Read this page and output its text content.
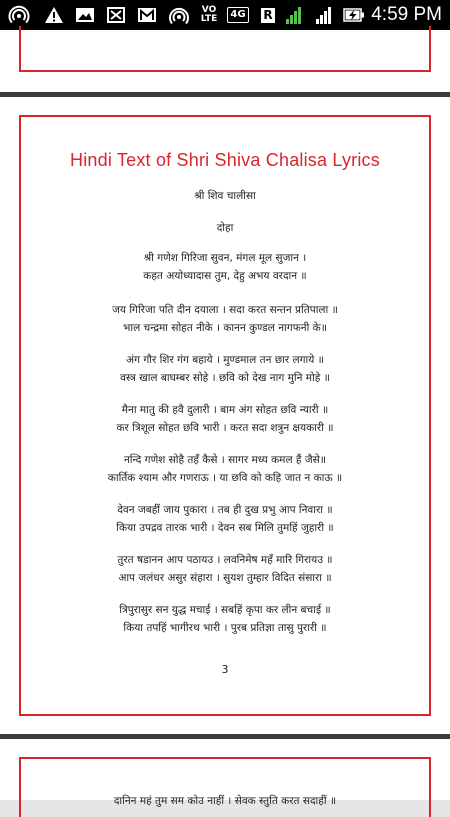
VO LTE	4G R 1	2	4:59 PM
Hindi Text of Shri Shiva Chalisa Lyrics
श्री शिव चालीसा
दोहा
श्री गणेश गिरिजा सुवन, मंगल मूल सुजान ।
कहत अयोध्यादास तुम, देहु अभय वरदान ॥
जय गिरिजा पति दीन दयाला । सदा करत सन्तन प्रतिपाला ॥
भाल चन्द्रमा सोहत नीके । कानन कुण्डल नागफनी के॥
अंग गौर शिर गंग बहाये । मुण्डमाल तन छार लगाये ॥
वस्त्र खाल बाघम्बर सोहे । छवि को देख नाग मुनि मोहे ॥
मैना मातु की हवै दुलारी । बाम अंग सोहत छवि न्यारी ॥
कर त्रिशूल सोहत छवि भारी । करत सदा शत्रुन क्षयकारी ॥
नन्दि गणेश सोहै तहँ कैसे । सागर मध्य कमल हैं जैसे॥
कार्तिक श्याम और गणराऊ । या छवि को कहि जात न काऊ ॥
देवन जबहीं जाय पुकारा । तब ही दुख प्रभु आप निवारा ॥
किया उपद्रव तारक भारी । देवन सब मिलि तुमहिं जुहारी ॥
तुरत षडानन आप पठायउ । लवनिमेष महँ मारि गिरायउ ॥
आप जलंधर असुर संहारा । सुयश तुम्हार विदित संसारा ॥
त्रिपुरासुर सन युद्ध मचाई । सबहिं कृपा कर लीन बचाई ॥
किया तपहिं भागीरथ भारी । पुरब प्रतिज्ञा तासु पुरारी ॥
3
दानिन महं तुम सम कोउ नाहीं । सेवक स्तुति करत सदाहीं ॥
